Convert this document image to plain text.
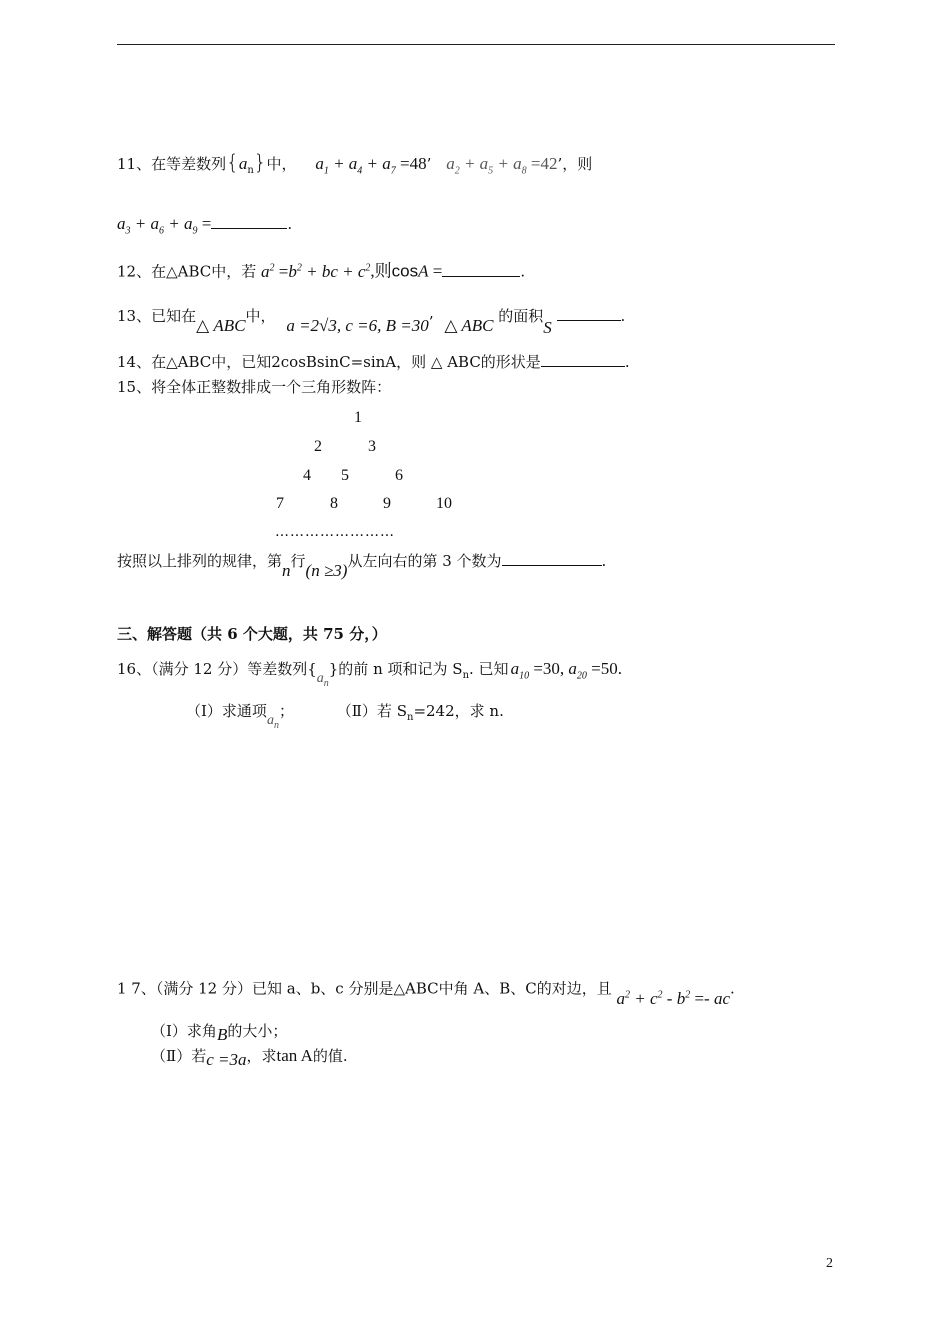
11、在等差数列$\{a_n\}$中， $a_1 + a_4 + a_7 =48$’ $a_2 + a_5 + a_8 =42$’，则
$a_3 + a_6 + a_9$ =	.
12、在△ABC中，若 $a^2 =b^2$ + bc + $c^2$,则cosA =	.
13、已知在△ ABC中， a =2√3, c =6, B =30’ △ ABC 的面积S .
14、在△ABC中，已知2cosBsinC=sinA，则 △ ABC的形状是	.
15、将全体正整数排成一个三角形数阵：
1
2	3
4 5	6
7	8	9	10
……………………
按照以上排列的规律，第n行(n ≥3)从左向右的第 3 个数为	.
三、解答题（共 6 个大题，共 75 分，）
16、（满分 12 分）等差数列$\{a_n\}$的前 n 项和记为 $S_n$. 已知 $a_{10} =30$, $a_{20} =50$.
（Ⅰ）求通项$a_n$；	（Ⅱ）若 $S_n=242$，求 n.
1 7、（满分 12 分）已知 a、b、c 分别是△ABC中角 A、B、C的对边，且 $a^2 + c^2 - b^2$ =- ac.
（Ⅰ）求角B的大小；
（Ⅱ）若c =3a，求tan A的值.
2
